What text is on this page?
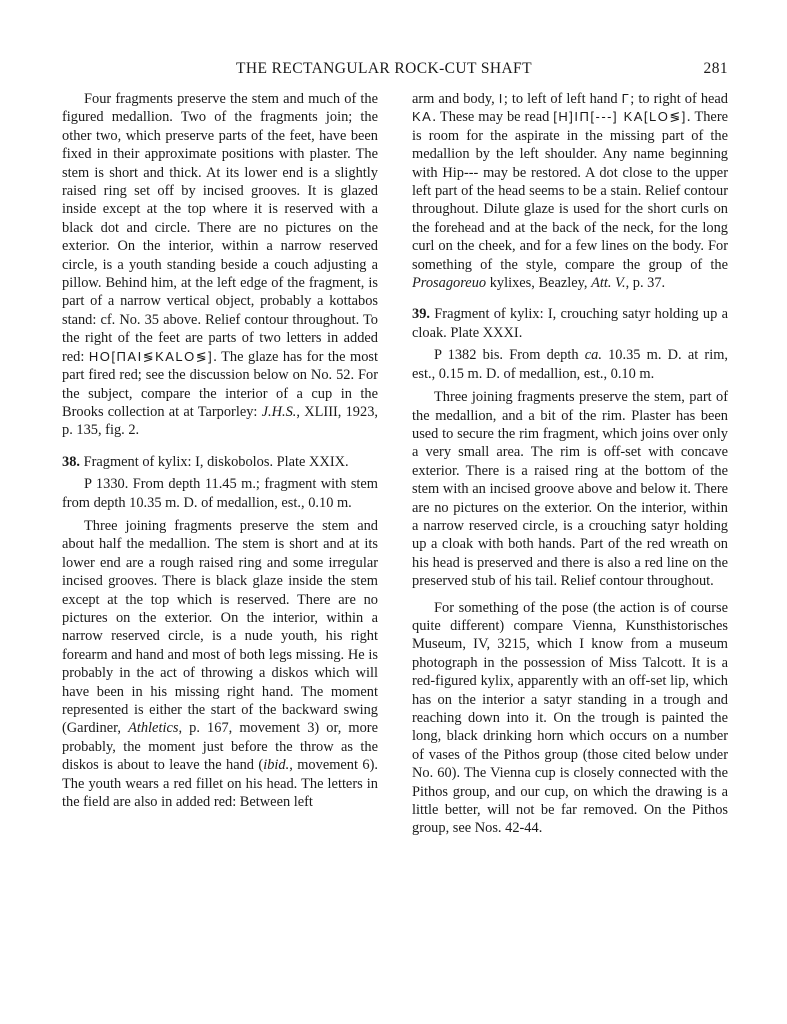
THE RECTANGULAR ROCK-CUT SHAFT	281

Four fragments preserve the stem and much of the figured medallion. Two of the fragments join; the other two, which preserve parts of the feet, have been fixed in their approximate positions with plaster. The stem is short and thick. At its lower end is a slightly raised ring set off by incised grooves. It is glazed inside except at the top where it is reserved with a black dot and circle. There are no pictures on the exterior. On the interior, within a narrow reserved circle, is a youth standing beside a couch adjusting a pillow. Behind him, at the left edge of the fragment, is part of a narrow vertical object, probably a kottabos stand: cf. No. 35 above. Relief contour throughout. To the right of the feet are parts of two letters in added red: HO[ΠΑΙ≶ΚΑLO≶]. The glaze has for the most part fired red; see the discussion below on No. 52. For the subject, compare the interior of a cup in the Brooks collection at at Tarporley: J.H.S., XLIII, 1923, p. 135, fig. 2.

38. Fragment of kylix: I, diskobolos. Plate XXIX.

P 1330. From depth 11.45 m.; fragment with stem from depth 10.35 m. D. of medallion, est., 0.10 m.

Three joining fragments preserve the stem and about half the medallion. The stem is short and at its lower end are a rough raised ring and some irregular incised grooves. There is black glaze inside the stem except at the top which is reserved. There are no pictures on the exterior. On the interior, within a narrow reserved circle, is a nude youth, his right forearm and hand and most of both legs missing. He is probably in the act of throwing a diskos which will have been in his missing right hand. The moment represented is either the start of the backward swing (Gardiner, Athletics, p. 167, movement 3) or, more probably, the moment just before the throw as the diskos is about to leave the hand (ibid., movement 6). The youth wears a red fillet on his head. The letters in the field are also in added red: Between left

arm and body, I; to left of left hand Γ; to right of head ΚΑ. These may be read [H]IΠ[---] ΚΑ[LO≶]. There is room for the aspirate in the missing part of the medallion by the left shoulder. Any name beginning with Hip--- may be restored. A dot close to the upper left part of the head seems to be a stain. Relief contour throughout. Dilute glaze is used for the short curls on the forehead and at the back of the neck, for the long curl on the cheek, and for a few lines on the body. For something of the style, compare the group of the Prosagoreuo kylixes, Beazley, Att. V., p. 37.

39. Fragment of kylix: I, crouching satyr holding up a cloak. Plate XXXI.

P 1382 bis. From depth ca. 10.35 m. D. at rim, est., 0.15 m. D. of medallion, est., 0.10 m.

Three joining fragments preserve the stem, part of the medallion, and a bit of the rim. Plaster has been used to secure the rim fragment, which joins over only a very small area. The rim is off-set with concave exterior. There is a raised ring at the bottom of the stem with an incised groove above and below it. There are no pictures on the exterior. On the interior, within a narrow reserved circle, is a crouching satyr holding up a cloak with both hands. Part of the red wreath on his head is preserved and there is also a red line on the preserved stub of his tail. Relief contour throughout.

For something of the pose (the action is of course quite different) compare Vienna, Kunsthistorisches Museum, IV, 3215, which I know from a museum photograph in the possession of Miss Talcott. It is a red-figured kylix, apparently with an off-set lip, which has on the interior a satyr standing in a trough and reaching down into it. On the trough is painted the long, black drinking horn which occurs on a number of vases of the Pithos group (those cited below under No. 60). The Vienna cup is closely connected with the Pithos group, and our cup, on which the drawing is a little better, will not be far removed. On the Pithos group, see Nos. 42-44.
